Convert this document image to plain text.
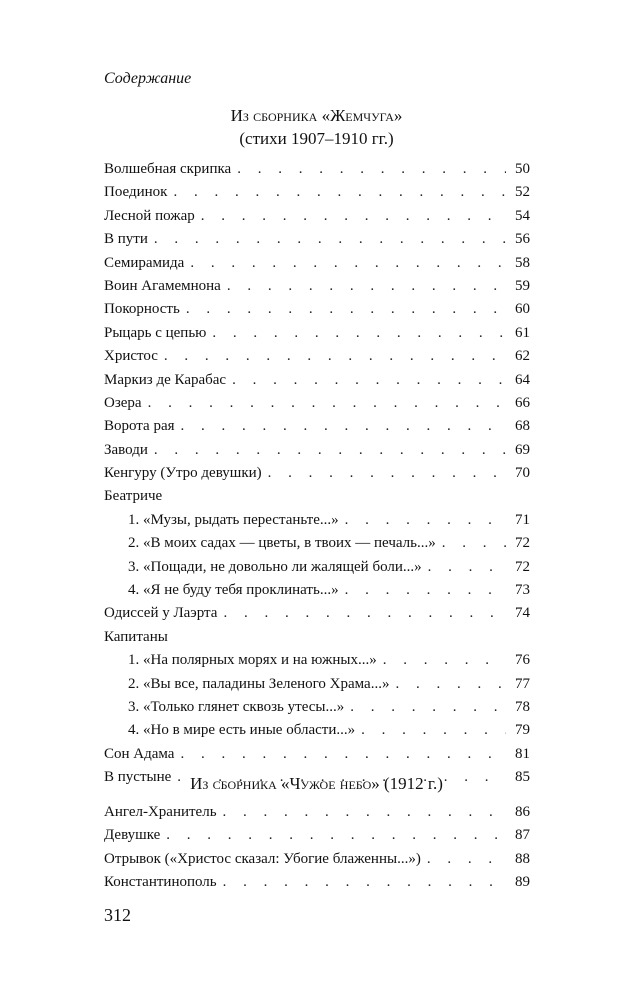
Содержание
Из сборника «Жемчуга»
(стихи 1907–1910 гг.)
Волшебная скрипка . . .	50
Поединок . . .	52
Лесной пожар . . .	54
В пути . . .	56
Семирамида . . .	58
Воин Агамемнона . . .	59
Покорность . . .	60
Рыцарь с цепью . . .	61
Христос . . .	62
Маркиз де Карабас . . .	64
Озера . . .	66
Ворота рая . . .	68
Заводи . . .	69
Кенгуру (Утро девушки) . . .	70
Беатриче
1. «Музы, рыдать перестаньте...» . . .	71
2. «В моих садах — цветы, в твоих — печаль...» . . .	72
3. «Пощади, не довольно ли жалящей боли...» . . .	72
4. «Я не буду тебя проклинать...» . . .	73
Одиссей у Лаэрта . . .	74
Капитаны
1. «На полярных морях и на южных...» . . .	76
2. «Вы все, паладины Зеленого Храма...» . . .	77
3. «Только глянет сквозь утесы...» . . .	78
4. «Но в мире есть иные области...» . . .	79
Сон Адама . . .	81
В пустыне . . .	85
Из сборника «Чужое небо» (1912 г.)
Ангел-Хранитель . . .	86
Девушке . . .	87
Отрывок («Христос сказал: Убогие блаженны...») . . .	88
Константинополь . . .	89
312
